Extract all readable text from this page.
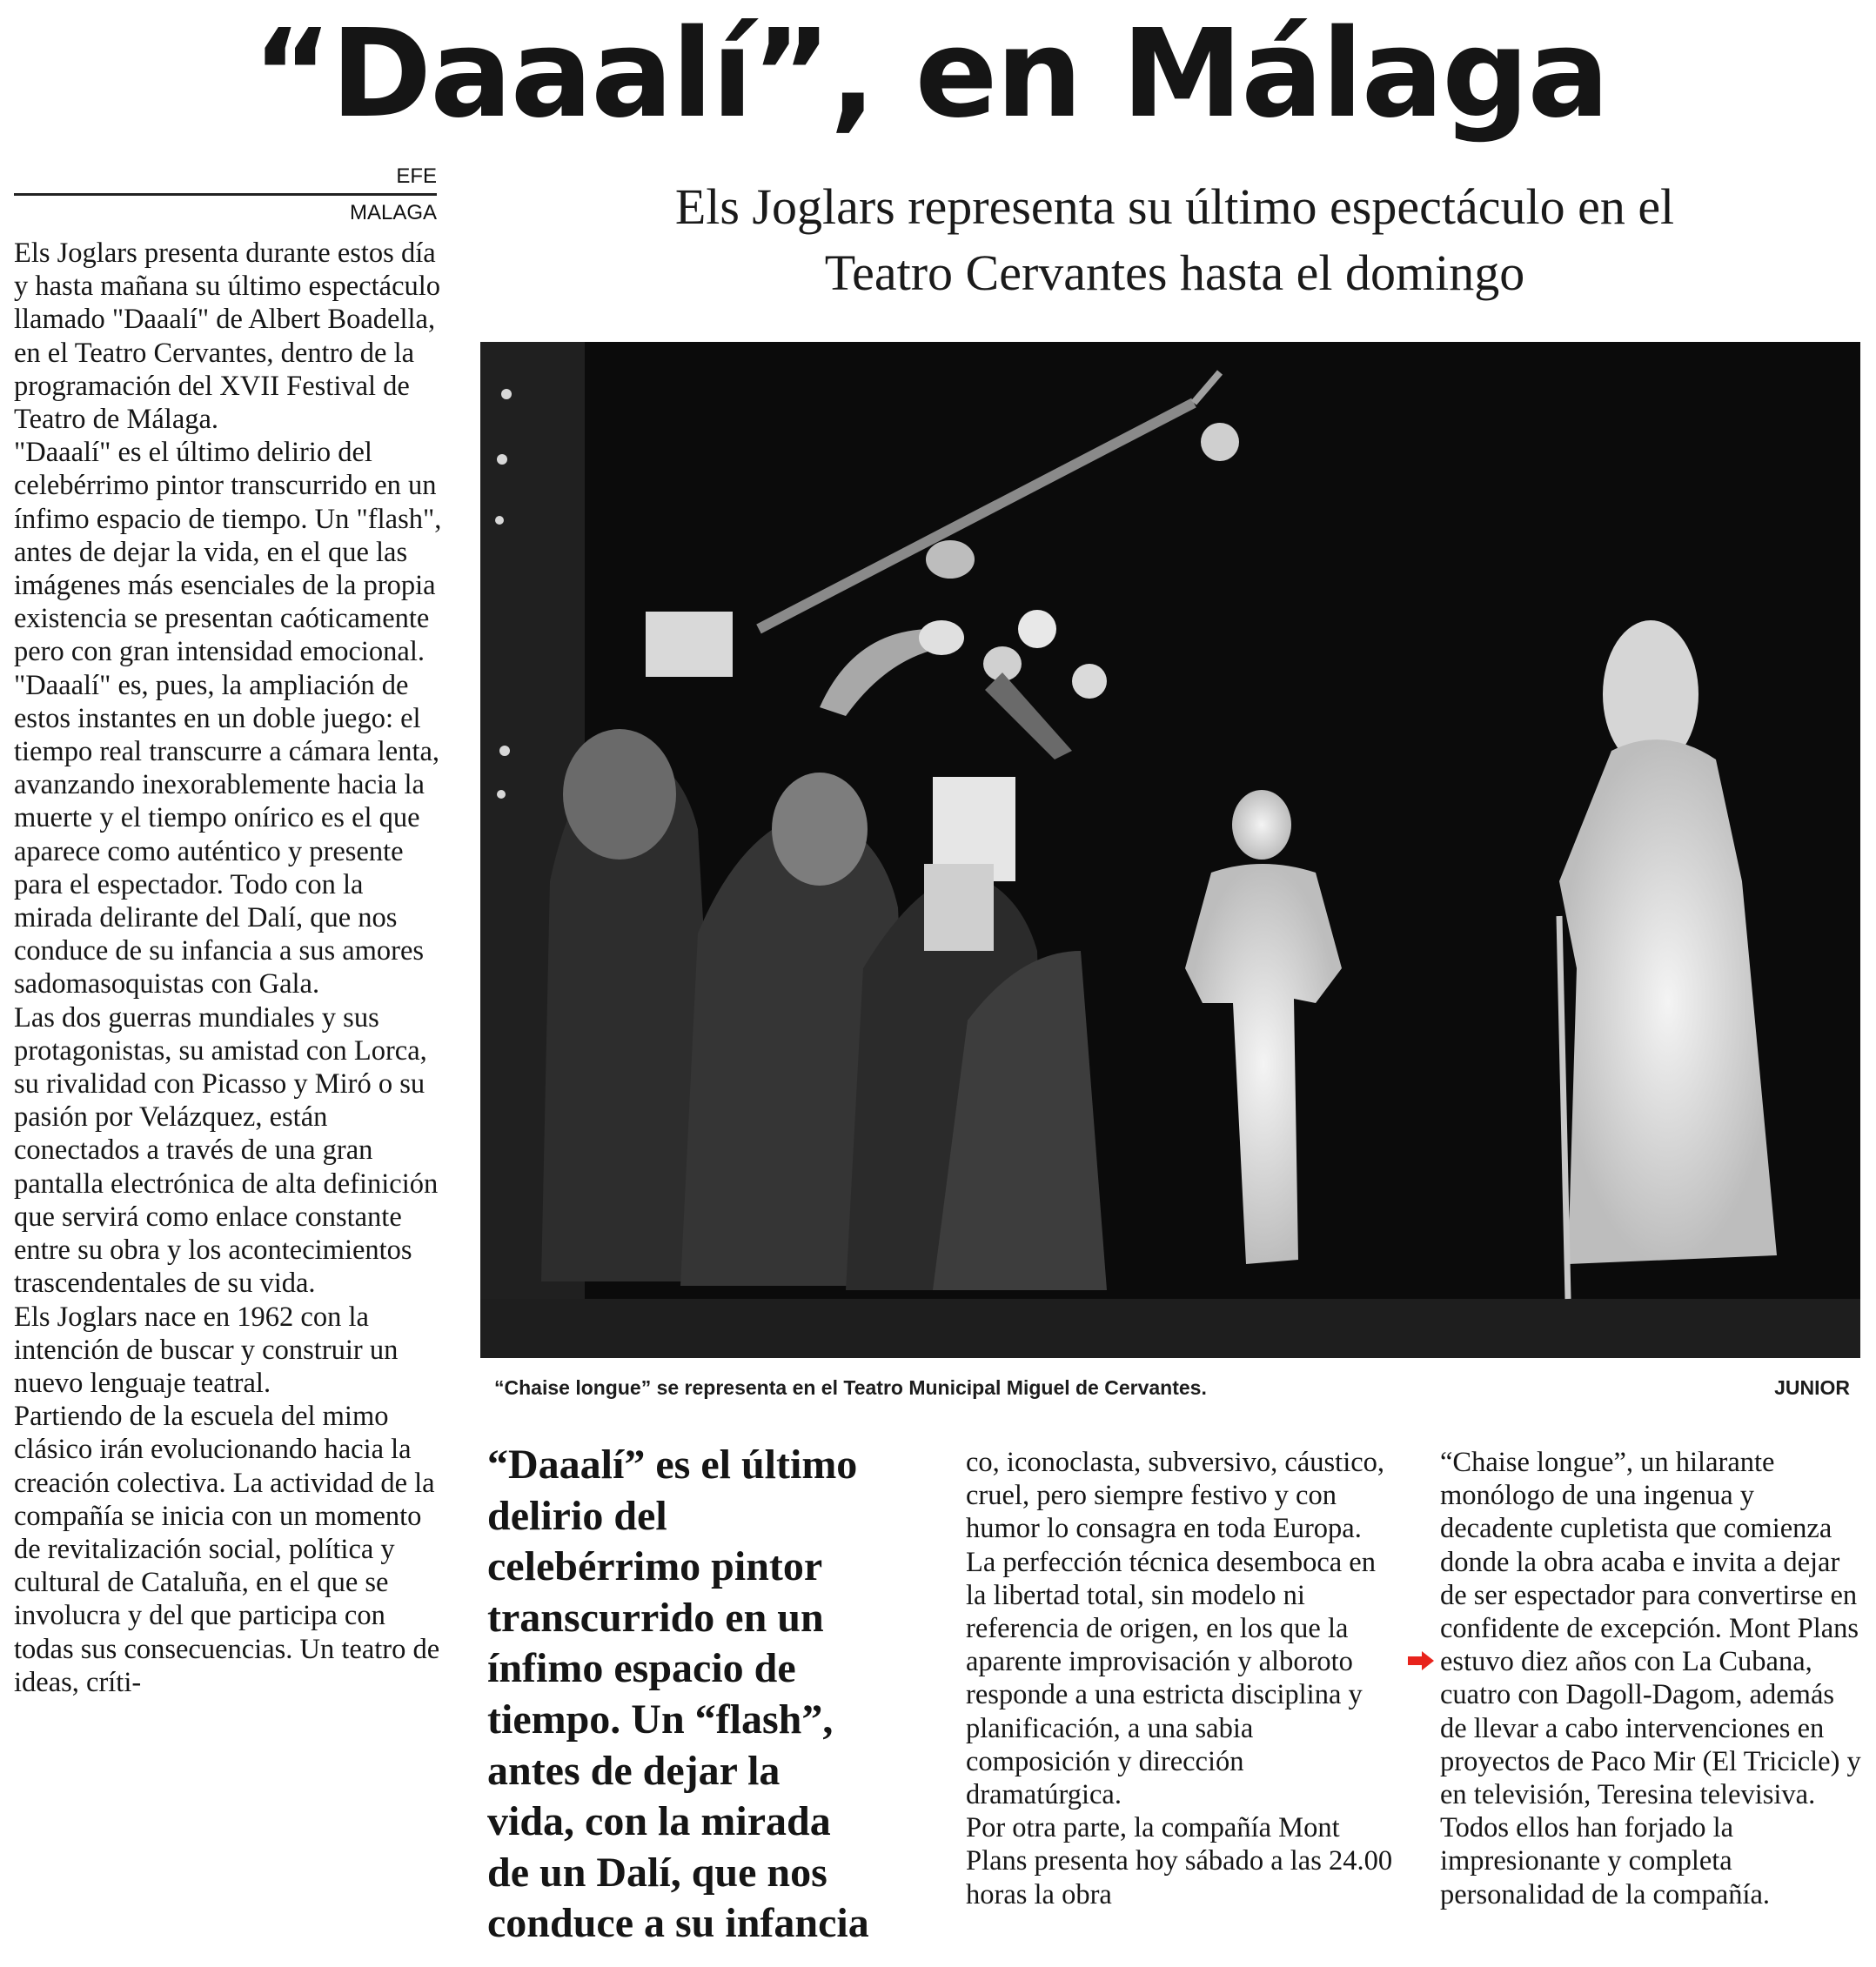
“Daaalí”, en Málaga
EFE
MALAGA	Els Joglars representa su último espectáculo en el
Teatro Cervantes hasta el domingo

Els Joglars presenta durante estos día y hasta mañana su último espectáculo llamado "Daaalí" de Albert Boadella, en el Teatro Cervantes, dentro de la programación del XVII Festival de Teatro de Málaga.

"Daaalí" es el último delirio del celebérrimo pintor transcurrido en un ínfimo espacio de tiempo. Un "flash", antes de dejar la vida, en el que las imágenes más esenciales de la propia existencia se presentan caóticamente pero con gran intensidad emocional.

"Daaalí" es, pues, la ampliación de estos instantes en un doble juego: el tiempo real transcurre a cámara lenta, avanzando inexorablemente hacia la muerte y el tiempo onírico es el que aparece como auténtico y presente para el espectador. Todo con la mirada delirante del Dalí, que nos conduce de su infancia a sus amores sadomasoquistas con Gala.

Las dos guerras mundiales y sus protagonistas, su amistad con Lorca, su rivalidad con Picasso y Miró o su pasión por Velázquez, están conectados a través de una gran pantalla electrónica de alta definición que servirá como enlace constante entre su obra y los acontecimientos trascendentales de su vida.

Els Joglars nace en 1962 con la intención de buscar y construir un nuevo lenguaje teatral.

Partiendo de la escuela del mimo clásico irán evolucionando hacia la creación colectiva. La actividad de la compañía se inicia con un momento de revitalización social, política y cultural de Cataluña, en el que se involucra y del que participa con todas sus consecuencias. Un teatro de ideas, críti-

“Chaise longue” se representa en el Teatro Municipal Miguel de Cervantes.	JUNIOR
“Daaalí” es el último
delirio del
celebérrimo pintor
transcurrido en un
ínfimo espacio de
tiempo. Un “flash”,
antes de dejar la
vida, con la mirada
de un Dalí, que nos
conduce a su infancia

co, iconoclasta, subversivo, cáustico, cruel, pero siempre festivo y con humor lo consagra en toda Europa.

La perfección técnica desemboca en la libertad total, sin modelo ni referencia de origen, en los que la aparente improvisación y alboroto responde a una estricta disciplina y planificación, a una sabia composición y dirección dramatúrgica.

Por otra parte, la compañía Mont Plans presenta hoy sábado a las 24.00 horas la obra

“Chaise longue”, un hilarante monólogo de una ingenua y decadente cupletista que comienza donde la obra acaba e invita a dejar de ser espectador para convertirse en confidente de excepción. Mont Plans estuvo diez años con La Cubana, cuatro con Dagoll-Dagom, además de llevar a cabo intervenciones en proyectos de Paco Mir (El Tricicle) y en televisión, Teresina televisiva. Todos ellos han forjado la impresionante y completa personalidad de la compañía.
